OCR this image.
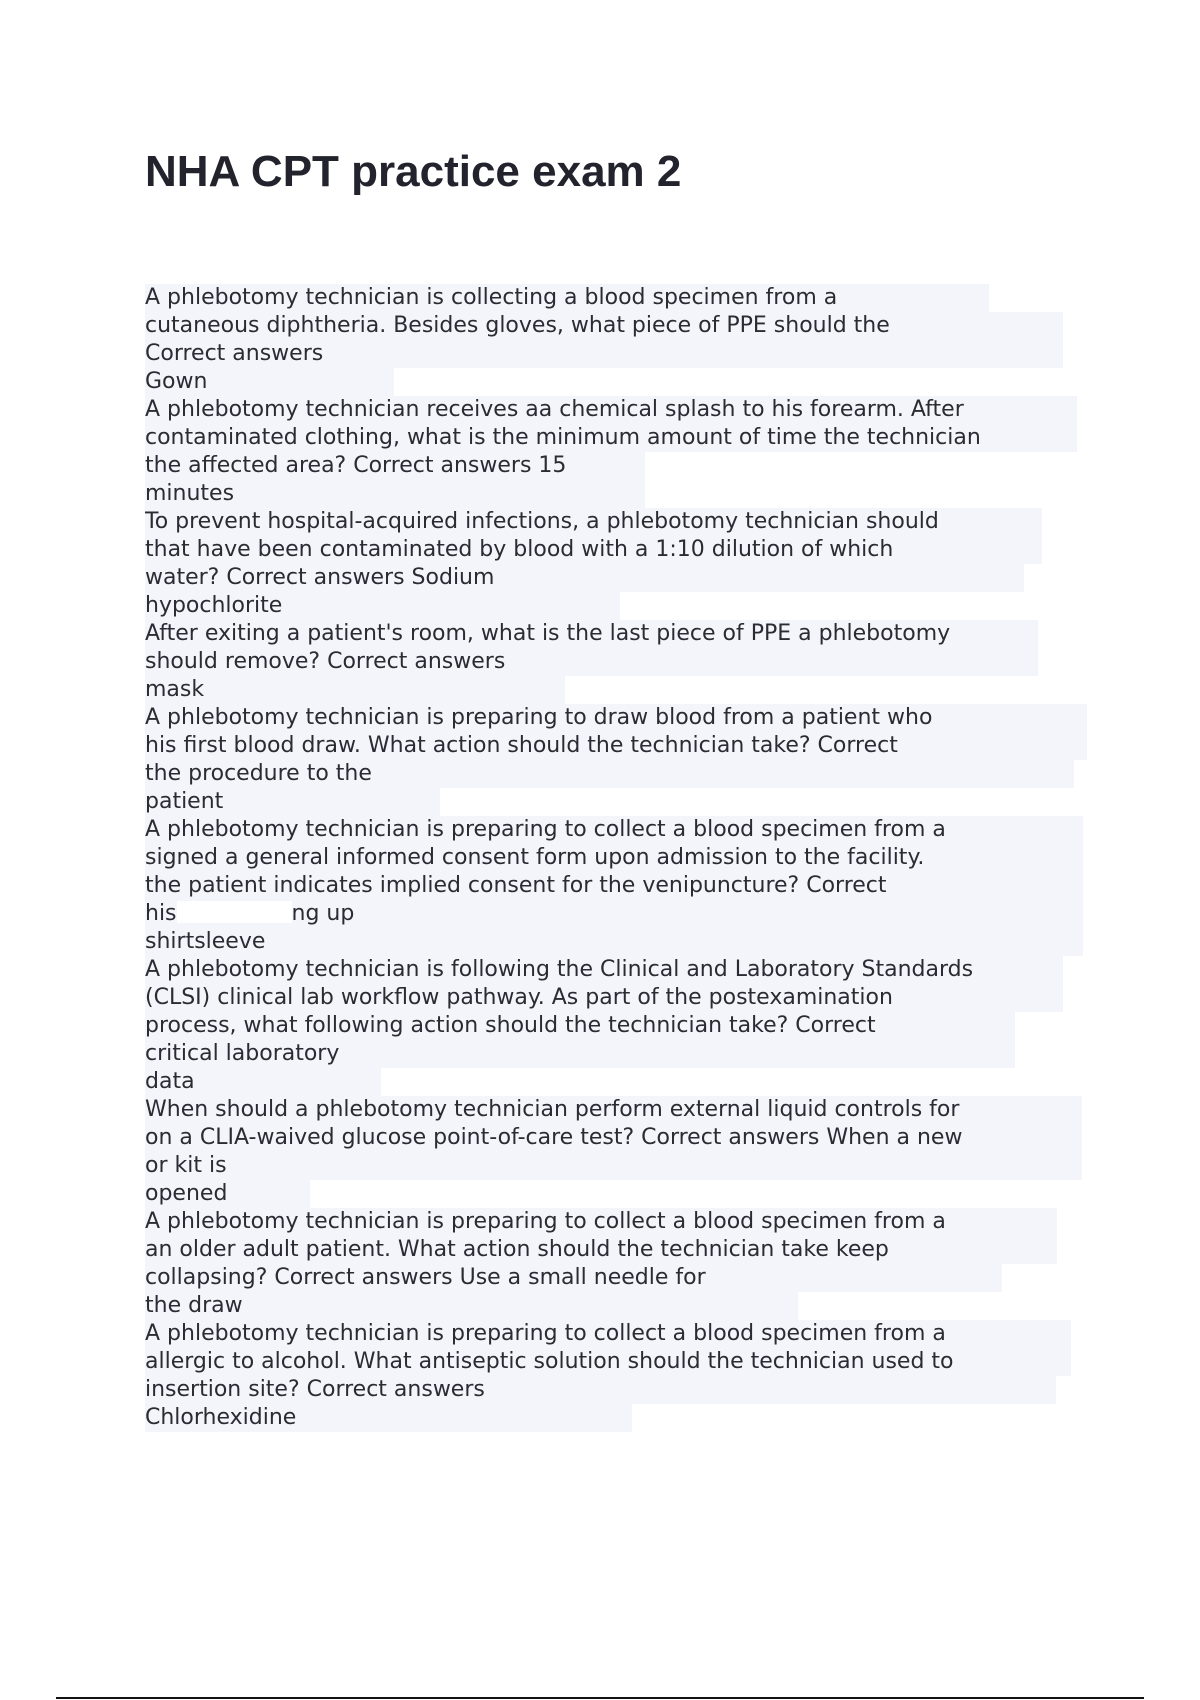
NHA CPT practice exam 2
A phlebotomy technician is collecting a blood specimen from a
cutaneous diphtheria. Besides gloves, what piece of PPE should the
Correct answers
Gown
A phlebotomy technician receives aa chemical splash to his forearm. After
contaminated clothing, what is the minimum amount of time the technician
the affected area? Correct answers 15
minutes
To prevent hospital-acquired infections, a phlebotomy technician should
that have been contaminated by blood with a 1:10 dilution of which
water? Correct answers Sodium
hypochlorite
After exiting a patient's room, what is the last piece of PPE a phlebotomy
should remove? Correct answers
mask
A phlebotomy technician is preparing to draw blood from a patient who
his first blood draw. What action should the technician take? Correct
the procedure to the
patient
A phlebotomy technician is preparing to collect a blood specimen from a
signed a general informed consent form upon admission to the facility.
the patient indicates implied consent for the venipuncture? Correct
his	ng up
shirtsleeve
A phlebotomy technician is following the Clinical and Laboratory Standards
(CLSI) clinical lab workflow pathway. As part of the postexamination
process, what following action should the technician take? Correct
critical laboratory
data
When should a phlebotomy technician perform external liquid controls for
on a CLIA-waived glucose point-of-care test? Correct answers When a new
or kit is
opened
A phlebotomy technician is preparing to collect a blood specimen from a
an older adult patient. What action should the technician take keep
collapsing? Correct answers Use a small needle for
the draw
A phlebotomy technician is preparing to collect a blood specimen from a
allergic to alcohol. What antiseptic solution should the technician used to
insertion site? Correct answers
Chlorhexidine
